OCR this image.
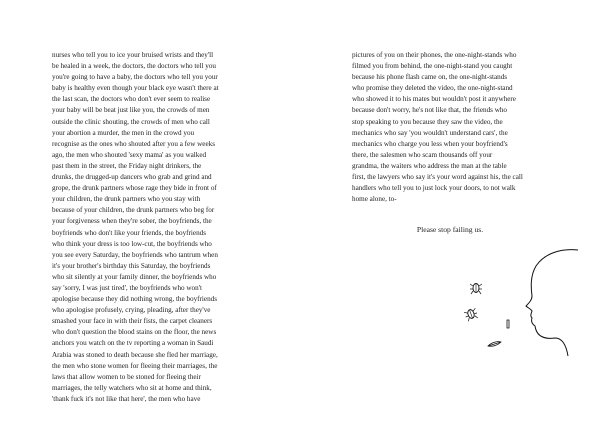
nurses who tell you to ice your bruised wrists and they'll
be healed in a week, the doctors, the doctors who tell you
you're going to have a baby, the doctors who tell you your
baby is healthy even though your black eye wasn't there at
the last scan, the doctors who don't ever seem to realise
your baby will be beat just like you, the crowds of men
outside the clinic shouting, the crowds of men who call
your abortion a murder, the men in the crowd you
recognise as the ones who shouted after you a few weeks
ago, the men who shouted 'sexy mama' as you walked
past them in the street, the Friday night drinkers, the
drunks, the drugged-up dancers who grab and grind and
grope, the drunk partners whose rage they bide in front of
your children, the drunk partners who you stay with
because of your children, the drunk partners who beg for
your forgiveness when they're sober, the boyfriends, the
boyfriends who don't like your friends, the boyfriends
who think your dress is too low-cut, the boyfriends who
you see every Saturday, the boyfriends who tantrum when
it's your brother's birthday this Saturday, the boyfriends
who sit silently at your family dinner, the boyfriends who
say 'sorry, I was just tired', the boyfriends who won't
apologise because they did nothing wrong, the boyfriends
who apologise profusely, crying, pleading, after they've
smashed your face in with their fists, the carpet cleaners
who don't question the blood stains on the floor, the news
anchors you watch on the tv reporting a woman in Saudi
Arabia was stoned to death because she fled her marriage,
the men who stone women for fleeing their marriages, the
laws that allow women to be stoned for fleeing their
marriages, the telly watchers who sit at home and think,
'thank fuck it's not like that here', the men who have
pictures of you on their phones, the one-night-stands who
filmed you from behind, the one-night-stand you caught
because his phone flash came on, the one-night-stands
who promise they deleted the video, the one-night-stand
who showed it to his mates but wouldn't post it anywhere
because don't worry, he's not like that, the friends who
stop speaking to you because they saw the video, the
mechanics who say 'you wouldn't understand cars', the
mechanics who charge you less when your boyfriend's
there, the salesmen who scam thousands off your
grandma, the waiters who address the man at the table
first, the lawyers who say it's your word against his, the call
handlers who tell you to just lock your doors, to not walk
home alone, to-
Please stop failing us.
